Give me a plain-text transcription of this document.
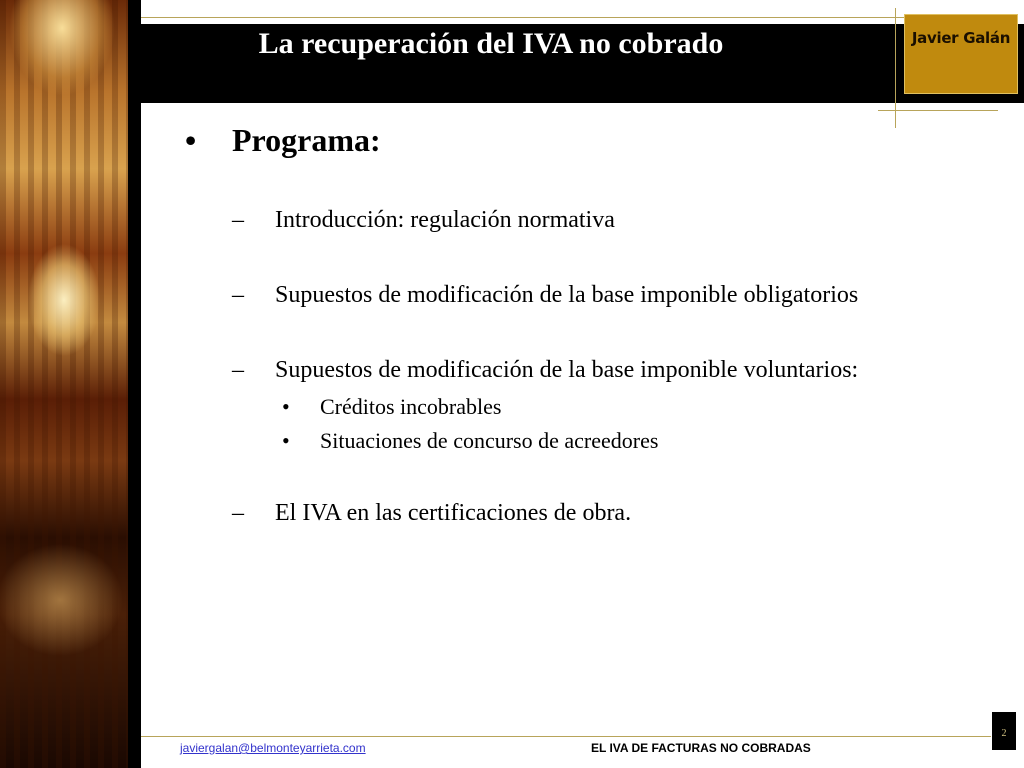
La recuperación del IVA no cobrado	Javier Galán
• Programa:
– Introducción: regulación normativa
– Supuestos de modificación de la base imponible obligatorios
– Supuestos de modificación de la base imponible voluntarios:
• Créditos incobrables
• Situaciones de concurso de acreedores
– El IVA en las certificaciones de obra.
javiergalan@belmonteyarrieta.com	EL IVA DE FACTURAS NO COBRADAS
2
